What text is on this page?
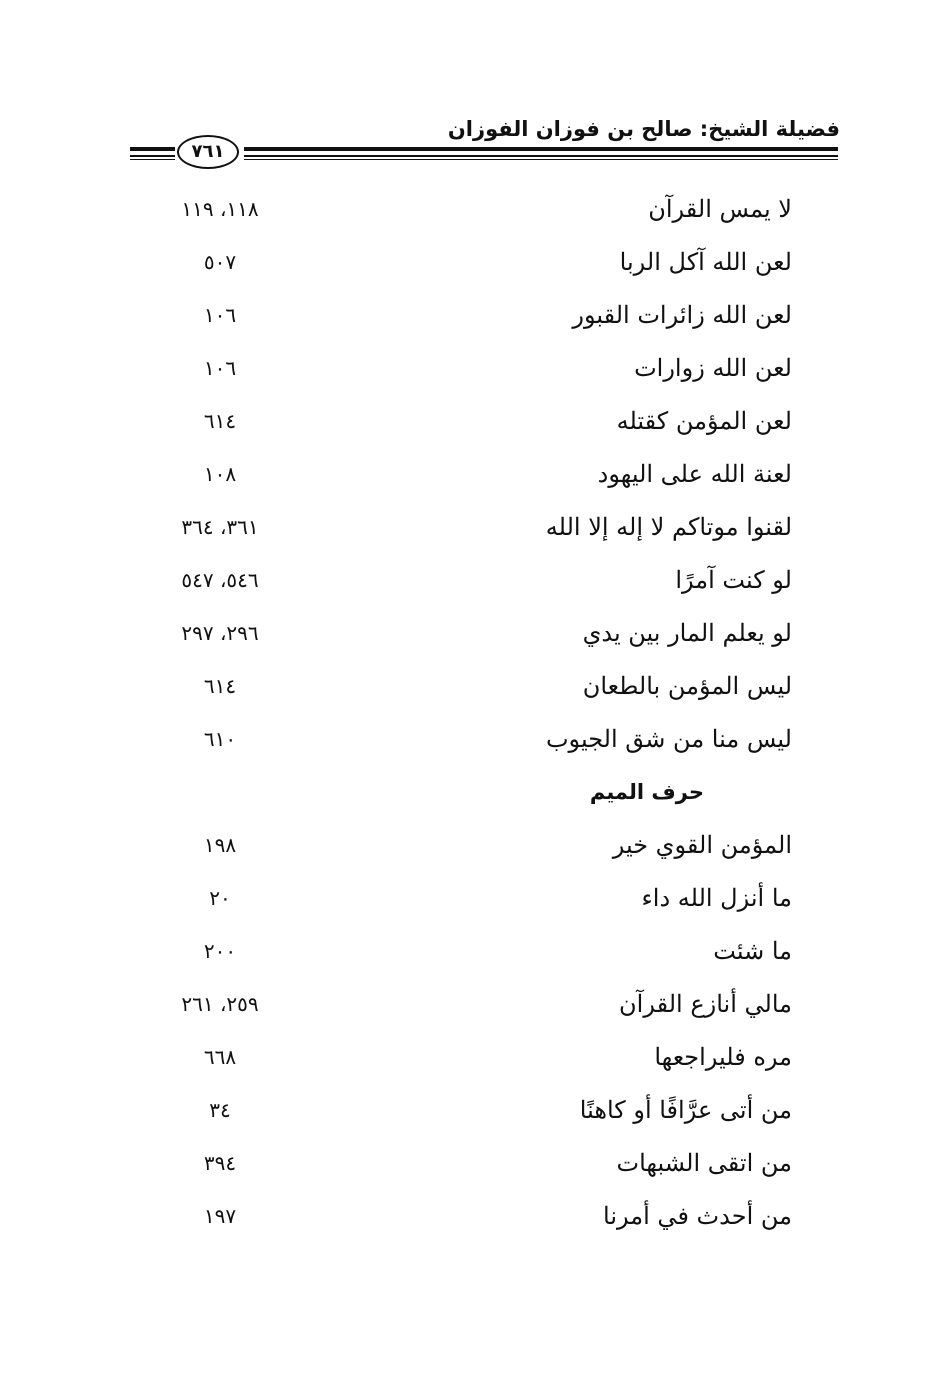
فضيلة الشيخ: صالح بن فوزان الفوزان
٧٦١
لا يمس القرآن
١١٨، ١١٩
لعن الله آكل الربا
٥٠٧
لعن الله زائرات القبور
١٠٦
لعن الله زوارات
١٠٦
لعن المؤمن كقتله
٦١٤
لعنة الله على اليهود
١٠٨
لقنوا موتاكم لا إله إلا الله
٣٦١، ٣٦٤
لو كنت آمرًا
٥٤٦، ٥٤٧
لو يعلم المار بين يدي
٢٩٦، ٢٩٧
ليس المؤمن بالطعان
٦١٤
ليس منا من شق الجيوب
٦١٠
حرف الميم
المؤمن القوي خير
١٩٨
ما أنزل الله داء
٢٠
ما شئت
٢٠٠
مالي أنازع القرآن
٢٥٩، ٢٦١
مره فليراجعها
٦٦٨
من أتى عرَّافًا أو كاهنًا
٣٤
من اتقى الشبهات
٣٩٤
من أحدث في أمرنا
١٩٧
